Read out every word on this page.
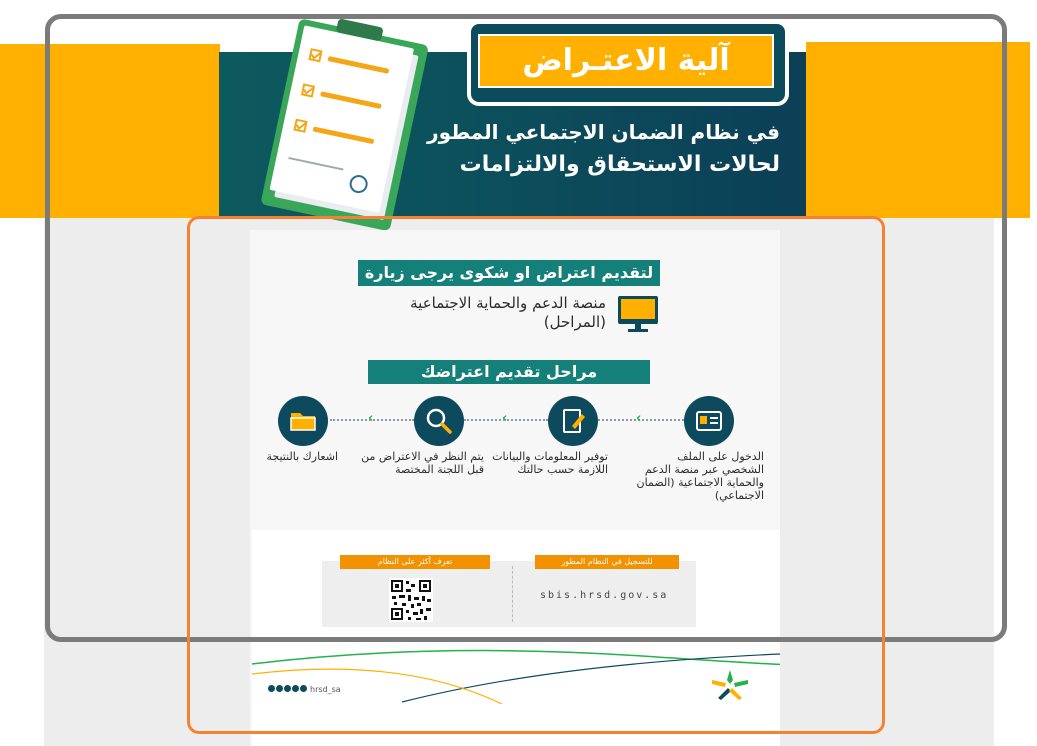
آلية الاعتـراض
في نظام الضمان الاجتماعي المطور
لحالات الاستحقاق والالتزامات
لتقديم اعتراض او شكوى يرجى زيارة
منصة الدعم والحماية الاجتماعية
(المراحل)
مراحل تقديم اعتراضك
‹	‹	‹
الدخول على الملف الشخصي عبر منصة الدعم والحماية الاجتماعية (الضمان الاجتماعي)
توفير المعلومات والبيانات اللازمة حسب حالتك
يتم النظر في الاعتراض من قبل اللجنة المختصة
اشعارك بالنتيجة
للتسجيل في النظام المطور
sbis.hrsd.gov.sa
تعرف أكثر على النظام
hrsd_sa
